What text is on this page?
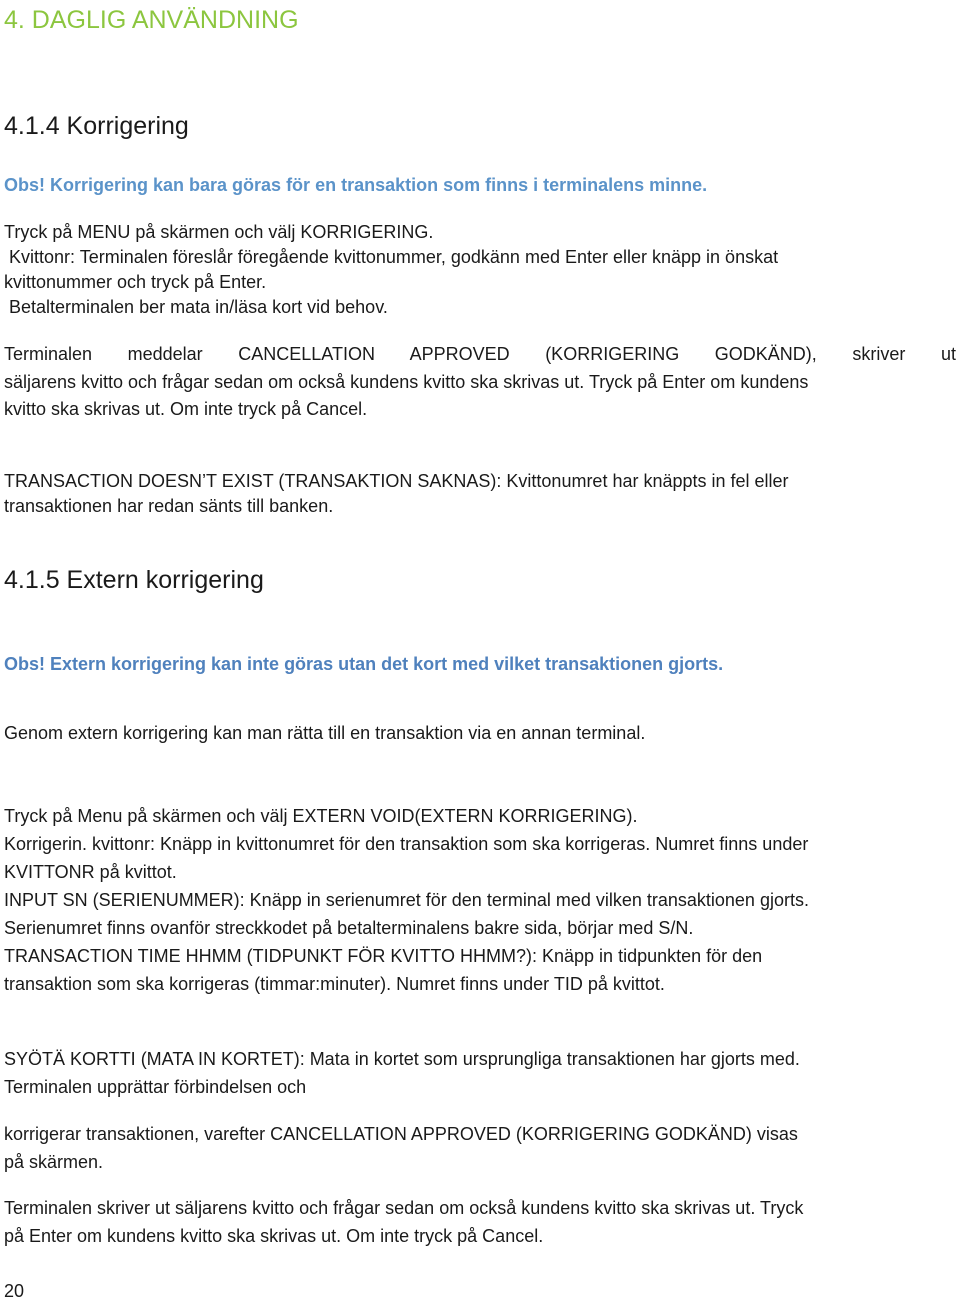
4. DAGLIG ANVÄNDNING
4.1.4 Korrigering
Obs! Korrigering kan bara göras för en transaktion som finns i terminalens minne.
Tryck på MENU på skärmen och välj KORRIGERING.
Kvittonr: Terminalen föreslår föregående kvittonummer, godkänn med Enter eller knäpp in önskat
kvittonummer och tryck på Enter.
Betalterminalen ber mata in/läsa kort vid behov.
Terminalen meddelar CANCELLATION APPROVED (KORRIGERING GODKÄND), skriver ut
säljarens kvitto och frågar sedan om också kundens kvitto ska skrivas ut. Tryck på Enter om kundens
kvitto ska skrivas ut. Om inte tryck på Cancel.
TRANSACTION DOESN’T EXIST (TRANSAKTION SAKNAS): Kvittonumret har knäppts in fel eller
transaktionen har redan sänts till banken.
4.1.5 Extern korrigering
Obs! Extern korrigering kan inte göras utan det kort med vilket transaktionen gjorts.
Genom extern korrigering kan man rätta till en transaktion via en annan terminal.
Tryck på Menu på skärmen och välj EXTERN VOID(EXTERN KORRIGERING).
Korrigerin. kvittonr: Knäpp in kvittonumret för den transaktion som ska korrigeras. Numret finns under
KVITTONR på kvittot.
INPUT SN (SERIENUMMER): Knäpp in serienumret för den terminal med vilken transaktionen gjorts.
Serienumret finns ovanför streckkodet på betalterminalens bakre sida, börjar med S/N.
TRANSACTION TIME HHMM (TIDPUNKT FÖR KVITTO HHMM?): Knäpp in tidpunkten för den
transaktion som ska korrigeras (timmar:minuter). Numret finns under TID på kvittot.
SYÖTÄ KORTTI (MATA IN KORTET): Mata in kortet som ursprungliga transaktionen har gjorts med.
Terminalen upprättar förbindelsen och
korrigerar transaktionen, varefter CANCELLATION APPROVED (KORRIGERING GODKÄND) visas
på skärmen.
Terminalen skriver ut säljarens kvitto och frågar sedan om också kundens kvitto ska skrivas ut. Tryck
på Enter om kundens kvitto ska skrivas ut. Om inte tryck på Cancel.
20
